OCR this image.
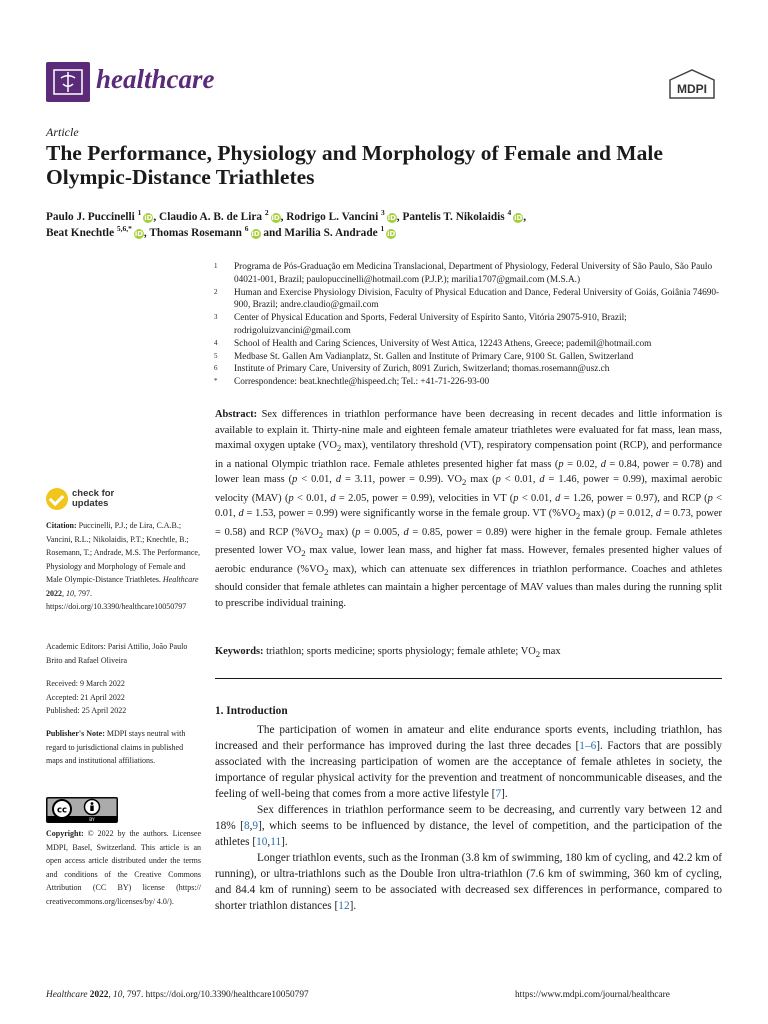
healthcare	MDPI
Article
The Performance, Physiology and Morphology of Female and Male Olympic-Distance Triathletes
Paulo J. Puccinelli $^1$iD, Claudio A. B. de Lira $^2$iD, Rodrigo L. Vancini $^3$iD, Pantelis T. Nikolaidis $^4$iD,
Beat Knechtle $^{5,6,*}$iD, Thomas Rosemann $^6$iD and Marilia S. Andrade $^1$iD
1	Programa de Pós-Graduação em Medicina Translacional, Department of Physiology, Federal University of São Paulo, São Paulo 04021-001, Brazil; paulopuccinelli@hotmail.com (P.J.P.); marilia1707@gmail.com (M.S.A.)
2	Human and Exercise Physiology Division, Faculty of Physical Education and Dance, Federal University of Goiás, Goiânia 74690-900, Brazil; andre.claudio@gmail.com
3	Center of Physical Education and Sports, Federal University of Espírito Santo, Vitória 29075-910, Brazil; rodrigoluizvancini@gmail.com
4	School of Health and Caring Sciences, University of West Attica, 12243 Athens, Greece; pademil@hotmail.com
5	Medbase St. Gallen Am Vadianplatz, St. Gallen and Institute of Primary Care, 9100 St. Gallen, Switzerland
6	Institute of Primary Care, University of Zurich, 8091 Zurich, Switzerland; thomas.rosemann@usz.ch
*	Correspondence: beat.knechtle@hispeed.ch; Tel.: +41-71-226-93-00
Abstract: Sex differences in triathlon performance have been decreasing in recent decades and little information is available to explain it. Thirty-nine male and eighteen female amateur triathletes were evaluated for fat mass, lean mass, maximal oxygen uptake ($VO_2$ max), ventilatory threshold (VT), respiratory compensation point (RCP), and performance in a national Olympic triathlon race. Female athletes presented higher fat mass (p = 0.02, d = 0.84, power = 0.78) and lower lean mass (p < 0.01, d = 3.11, power = 0.99). $VO_2$ max (p < 0.01, d = 1.46, power = 0.99), maximal aerobic velocity (MAV) (p < 0.01, d = 2.05, power = 0.99), velocities in VT (p < 0.01, d = 1.26, power = 0.97), and RCP (p < 0.01, d = 1.53, power = 0.99) were significantly worse in the female group. VT ($\%VO_2$ max) (p = 0.012, d = 0.73, power = 0.58) and RCP ($\%VO_2$ max) (p = 0.005, d = 0.85, power = 0.89) were higher in the female group. Female athletes presented lower $VO_2$ max value, lower lean mass, and higher fat mass. However, females presented higher values of aerobic endurance ($\%VO_2$ max), which can attenuate sex differences in triathlon performance. Coaches and athletes should consider that female athletes can maintain a higher percentage of MAV values than males during the running split to prescribe individual training.
Keywords: triathlon; sports medicine; sports physiology; female athlete; $VO_2$ max
1. Introduction

The participation of women in amateur and elite endurance sports events, including triathlon, has increased and their performance has improved during the last three decades [1–6]. Factors that are possibly associated with the increasing participation of women are the acceptance of female athletes in society, the importance of regular physical activity for the prevention and treatment of noncommunicable diseases, and the feeling of well-being that comes from a more active lifestyle [7].

Sex differences in triathlon performance seem to be decreasing, and currently vary between 12 and 18% [8,9], which seems to be influenced by distance, the level of competition, and the participation of the athletes [10,11].

Longer triathlon events, such as the Ironman (3.8 km of swimming, 180 km of cycling, and 42.2 km of running), or ultra-triathlons such as the Double Iron ultra-triathlon (7.6 km of swimming, 360 km of cycling, and 84.4 km of running) seem to be associated with decreased sex differences in performance, compared to shorter triathlon distances [12].

check for
updates
Citation: Puccinelli, P.J.; de Lira, C.A.B.; Vancini, R.L.; Nikolaidis, P.T.; Knechtle, B.; Rosemann, T.; Andrade, M.S. The Performance, Physiology and Morphology of Female and Male Olympic-Distance Triathletes. Healthcare 2022, 10, 797. https://doi.org/10.3390/healthcare10050797
Academic Editors: Parisi Attilio, João Paulo Brito and Rafael Oliveira
Received: 9 March 2022
Accepted: 21 April 2022
Published: 25 April 2022
Publisher's Note: MDPI stays neutral with regard to jurisdictional claims in published maps and institutional affiliations.
cc
BY
Copyright: © 2022 by the authors. Licensee MDPI, Basel, Switzerland. This article is an open access article distributed under the terms and conditions of the Creative Commons Attribution (CC BY) license (https:// creativecommons.org/licenses/by/ 4.0/).
Healthcare 2022, 10, 797. https://doi.org/10.3390/healthcare10050797	https://www.mdpi.com/journal/healthcare
